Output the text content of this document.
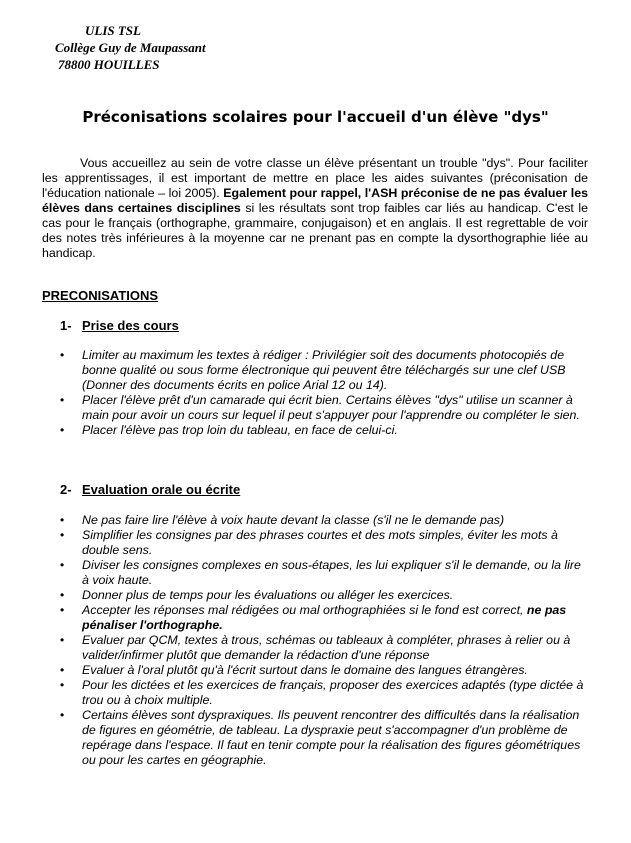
ULIS TSL
Collège Guy de Maupassant
78800 HOUILLES
Préconisations scolaires pour l'accueil d'un élève "dys"
Vous accueillez au sein de votre classe un élève présentant un trouble "dys". Pour faciliter les apprentissages, il est important de mettre en place les aides suivantes (préconisation de l'éducation nationale – loi 2005). Egalement pour rappel, l'ASH préconise de ne pas évaluer les élèves dans certaines disciplines si les résultats sont trop faibles car liés au handicap. C'est le cas pour le français (orthographe, grammaire, conjugaison) et en anglais. Il est regrettable de voir des notes très inférieures à la moyenne car ne prenant pas en compte la dysorthographie liée au handicap.
PRECONISATIONS
1- Prise des cours
• Limiter au maximum les textes à rédiger : Privilégier soit des documents photocopiés de bonne qualité ou sous forme électronique qui peuvent être téléchargés sur une clef USB (Donner des documents écrits en police Arial 12 ou 14).
• Placer l'élève prêt d'un camarade qui écrit bien. Certains élèves "dys" utilise un scanner à main pour avoir un cours sur lequel il peut s'appuyer pour l'apprendre ou compléter le sien.
• Placer l'élève pas trop loin du tableau, en face de celui-ci.
2- Evaluation orale ou écrite
• Ne pas faire lire l'élève à voix haute devant la classe (s'il ne le demande pas)
• Simplifier les consignes par des phrases courtes et des mots simples, éviter les mots à double sens.
• Diviser les consignes complexes en sous-étapes, les lui expliquer s'il le demande, ou la lire à voix haute.
• Donner plus de temps pour les évaluations ou alléger les exercices.
• Accepter les réponses mal rédigées ou mal orthographiées si le fond est correct, ne pas pénaliser l'orthographe.
• Evaluer par QCM, textes à trous, schémas ou tableaux à compléter, phrases à relier ou à valider/infirmer plutôt que demander la rédaction d'une réponse
• Evaluer à l'oral plutôt qu'à l'écrit surtout dans le domaine des langues étrangères.
• Pour les dictées et les exercices de français, proposer des exercices adaptés (type dictée à trou ou à choix multiple.
• Certains élèves sont dyspraxiques. Ils peuvent rencontrer des difficultés dans la réalisation de figures en géométrie, de tableau. La dyspraxie peut s'accompagner d'un problème de repérage dans l'espace. Il faut en tenir compte pour la réalisation des figures géométriques ou pour les cartes en géographie.
